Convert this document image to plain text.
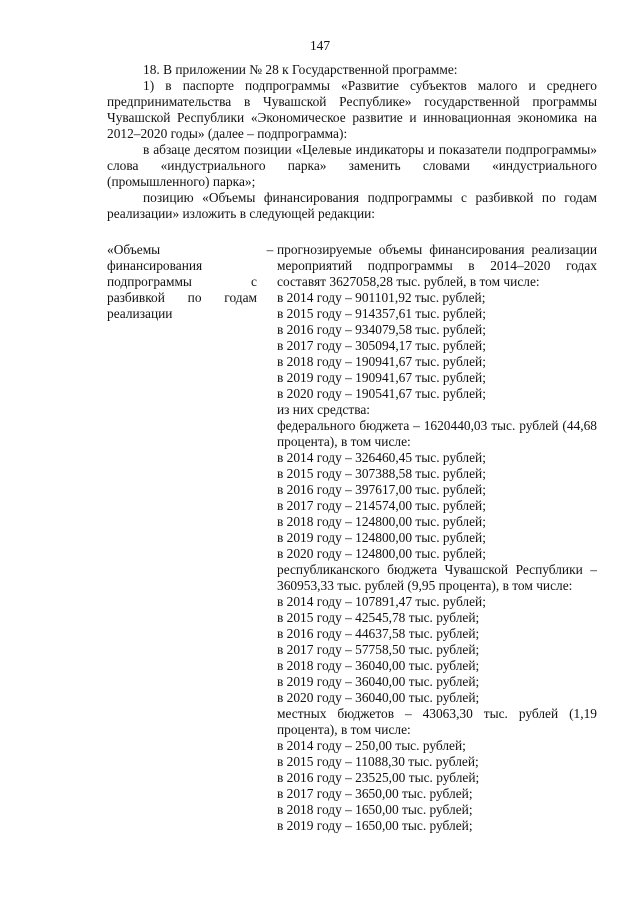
147

18. В приложении № 28 к Государственной программе:

1) в паспорте подпрограммы «Развитие субъектов малого и среднего предпринимательства в Чувашской Республике» государственной программы Чувашской Республики «Экономическое развитие и инновационная экономика на 2012–2020 годы» (далее – подпрограмма):

в абзаце десятом позиции «Целевые индикаторы и показатели подпрограммы» слова «индустриального парка» заменить словами «индустриального (промышленного) парка»;

позицию «Объемы финансирования подпрограммы с разбивкой по годам реализации» изложить в следующей редакции:

«Объемы финансирования подпрограммы с разбивкой по годам реализации
– прогнозируемые объемы финансирования реализации мероприятий подпрограммы в 2014–2020 годах составят 3627058,28 тыс. рублей, в том числе:
в 2014 году – 901101,92 тыс. рублей;
в 2015 году – 914357,61 тыс. рублей;
в 2016 году – 934079,58 тыс. рублей;
в 2017 году – 305094,17 тыс. рублей;
в 2018 году – 190941,67 тыс. рублей;
в 2019 году – 190941,67 тыс. рублей;
в 2020 году – 190541,67 тыс. рублей;
из них средства:
федерального бюджета – 1620440,03 тыс. рублей (44,68 процента), в том числе:
в 2014 году – 326460,45 тыс. рублей;
в 2015 году – 307388,58 тыс. рублей;
в 2016 году – 397617,00 тыс. рублей;
в 2017 году – 214574,00 тыс. рублей;
в 2018 году – 124800,00 тыс. рублей;
в 2019 году – 124800,00 тыс. рублей;
в 2020 году – 124800,00 тыс. рублей;
республиканского бюджета Чувашской Республики – 360953,33 тыс. рублей (9,95 процента), в том числе:
в 2014 году – 107891,47 тыс. рублей;
в 2015 году – 42545,78 тыс. рублей;
в 2016 году – 44637,58 тыс. рублей;
в 2017 году – 57758,50 тыс. рублей;
в 2018 году – 36040,00 тыс. рублей;
в 2019 году – 36040,00 тыс. рублей;
в 2020 году – 36040,00 тыс. рублей;
местных бюджетов – 43063,30 тыс. рублей (1,19 процента), в том числе:
в 2014 году – 250,00 тыс. рублей;
в 2015 году – 11088,30 тыс. рублей;
в 2016 году – 23525,00 тыс. рублей;
в 2017 году – 3650,00 тыс. рублей;
в 2018 году – 1650,00 тыс. рублей;
в 2019 году – 1650,00 тыс. рублей;
